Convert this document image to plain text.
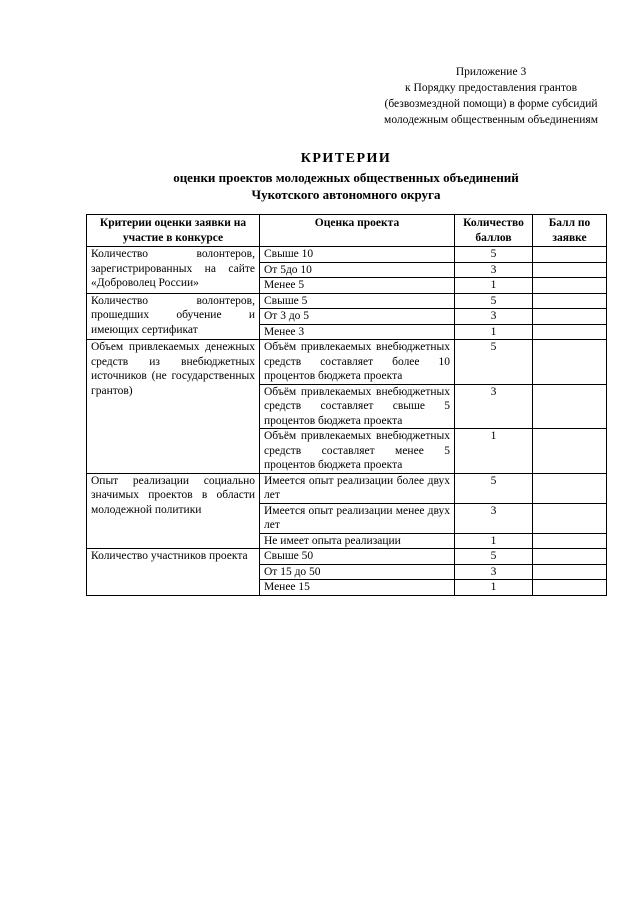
Приложение 3
к Порядку предоставления грантов
(безвозмездной помощи) в форме субсидий
молодежным общественным объединениям
КРИТЕРИИ
оценки проектов молодежных общественных объединений
Чукотского автономного округа
Критерии оценки заявки на участие в конкурсе	Оценка проекта	Количество баллов	Балл по заявке
Количество волонтеров, зарегистрированных на сайте «Доброволец России»	Свыше 10	5	
	От 5до 10	3	
	Менее 5	1	
Количество волонтеров, прошедших обучение и имеющих сертификат	Свыше 5	5	
	От 3 до 5	3	
	Менее 3	1	
Объем привлекаемых денежных средств из внебюджетных источников (не государственных грантов)	Объём привлекаемых внебюджетных средств составляет более 10 процентов бюджета проекта	5	
	Объём привлекаемых внебюджетных средств составляет свыше 5 процентов бюджета проекта	3	
	Объём привлекаемых внебюджетных средств составляет менее 5 процентов бюджета проекта	1	
Опыт реализации социально значимых проектов в области молодежной политики	Имеется опыт реализации более двух лет	5	
	Имеется опыт реализации менее двух лет	3	
	Не имеет опыта реализации	1	
Количество участников проекта	Свыше 50	5	
	От 15 до 50	3	
	Менее 15	1	
